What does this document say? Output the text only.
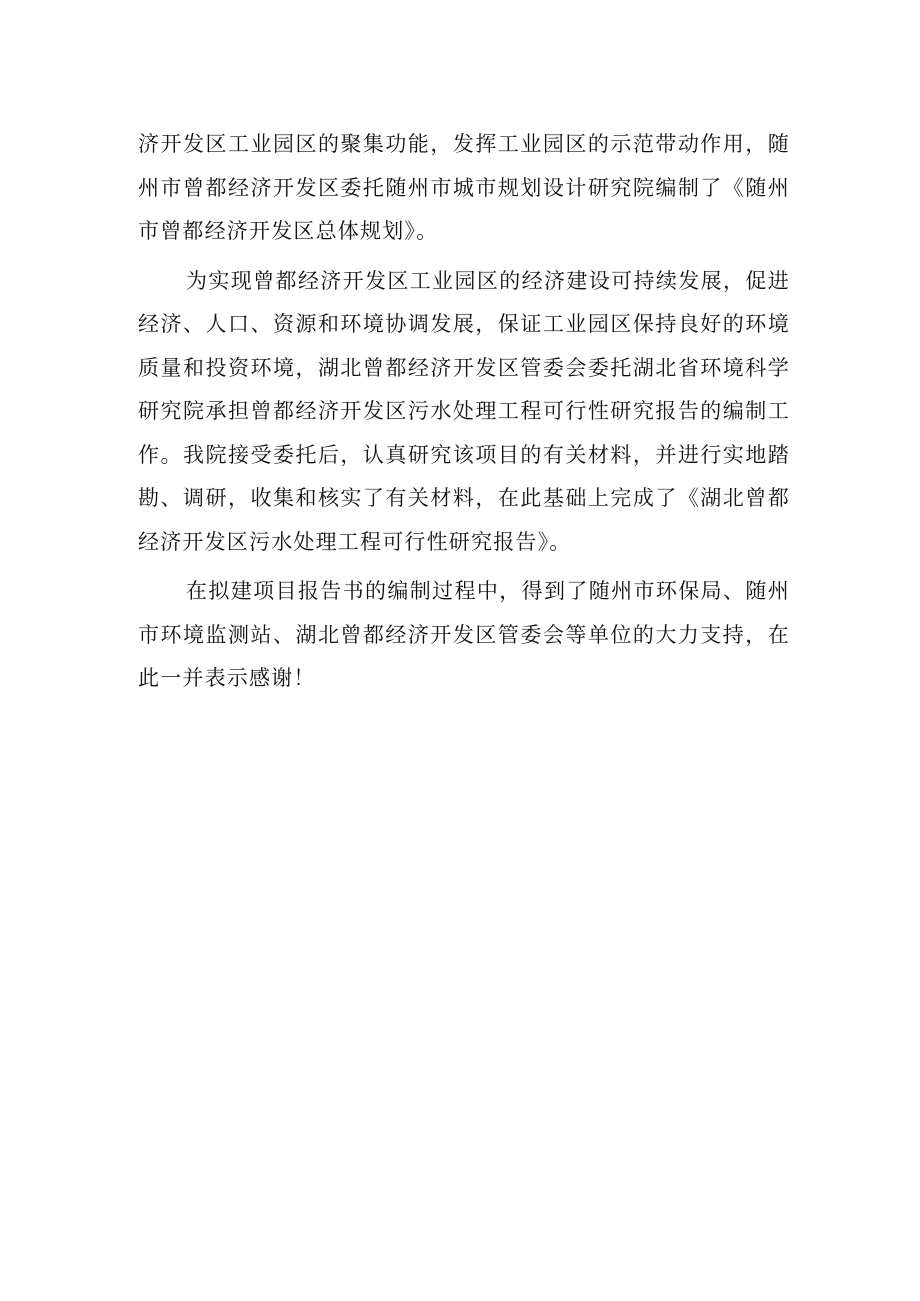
济开发区工业园区的聚集功能，发挥工业园区的示范带动作用，随州市曾都经济开发区委托随州市城市规划设计研究院编制了《随州市曾都经济开发区总体规划》。

为实现曾都经济开发区工业园区的经济建设可持续发展，促进经济、人口、资源和环境协调发展，保证工业园区保持良好的环境质量和投资环境，湖北曾都经济开发区管委会委托湖北省环境科学研究院承担曾都经济开发区污水处理工程可行性研究报告的编制工作。我院接受委托后，认真研究该项目的有关材料，并进行实地踏勘、调研，收集和核实了有关材料，在此基础上完成了《湖北曾都经济开发区污水处理工程可行性研究报告》。

在拟建项目报告书的编制过程中，得到了随州市环保局、随州市环境监测站、湖北曾都经济开发区管委会等单位的大力支持，在此一并表示感谢！
